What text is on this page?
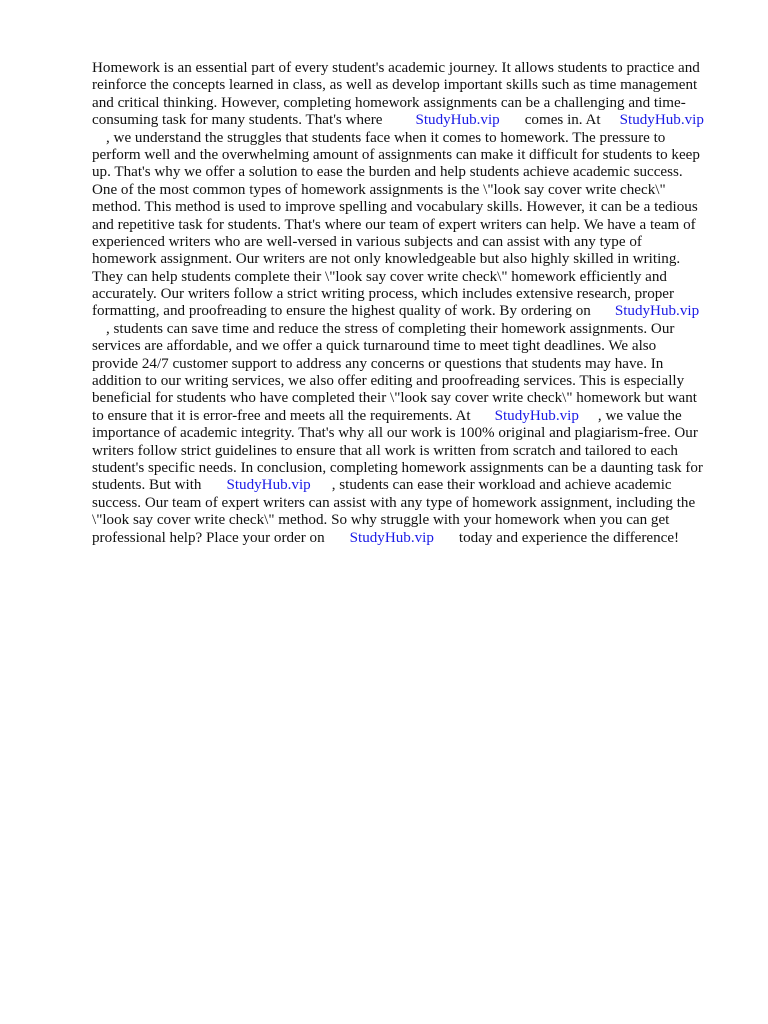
Homework is an essential part of every student's academic journey. It allows students to practice and
reinforce the concepts learned in class, as well as develop important skills such as time management
and critical thinking. However, completing homework assignments can be a challenging and time-
consuming task for many students. That's where StudyHub.vip comes in. At StudyHub.vip
, we understand the struggles that students face when it comes to homework. The pressure to
perform well and the overwhelming amount of assignments can make it difficult for students to keep
up. That's why we offer a solution to ease the burden and help students achieve academic success.
One of the most common types of homework assignments is the \"look say cover write check\"
method. This method is used to improve spelling and vocabulary skills. However, it can be a tedious
and repetitive task for students. That's where our team of expert writers can help. We have a team of
experienced writers who are well-versed in various subjects and can assist with any type of
homework assignment. Our writers are not only knowledgeable but also highly skilled in writing.
They can help students complete their \"look say cover write check\" homework efficiently and
accurately. Our writers follow a strict writing process, which includes extensive research, proper
formatting, and proofreading to ensure the highest quality of work. By ordering on StudyHub.vip
, students can save time and reduce the stress of completing their homework assignments. Our
services are affordable, and we offer a quick turnaround time to meet tight deadlines. We also
provide 24/7 customer support to address any concerns or questions that students may have. In
addition to our writing services, we also offer editing and proofreading services. This is especially
beneficial for students who have completed their \"look say cover write check\" homework but want
to ensure that it is error-free and meets all the requirements. At StudyHub.vip , we value the
importance of academic integrity. That's why all our work is 100% original and plagiarism-free. Our
writers follow strict guidelines to ensure that all work is written from scratch and tailored to each
student's specific needs. In conclusion, completing homework assignments can be a daunting task for
students. But with StudyHub.vip , students can ease their workload and achieve academic
success. Our team of expert writers can assist with any type of homework assignment, including the
\"look say cover write check\" method. So why struggle with your homework when you can get
professional help? Place your order on StudyHub.vip today and experience the difference!
